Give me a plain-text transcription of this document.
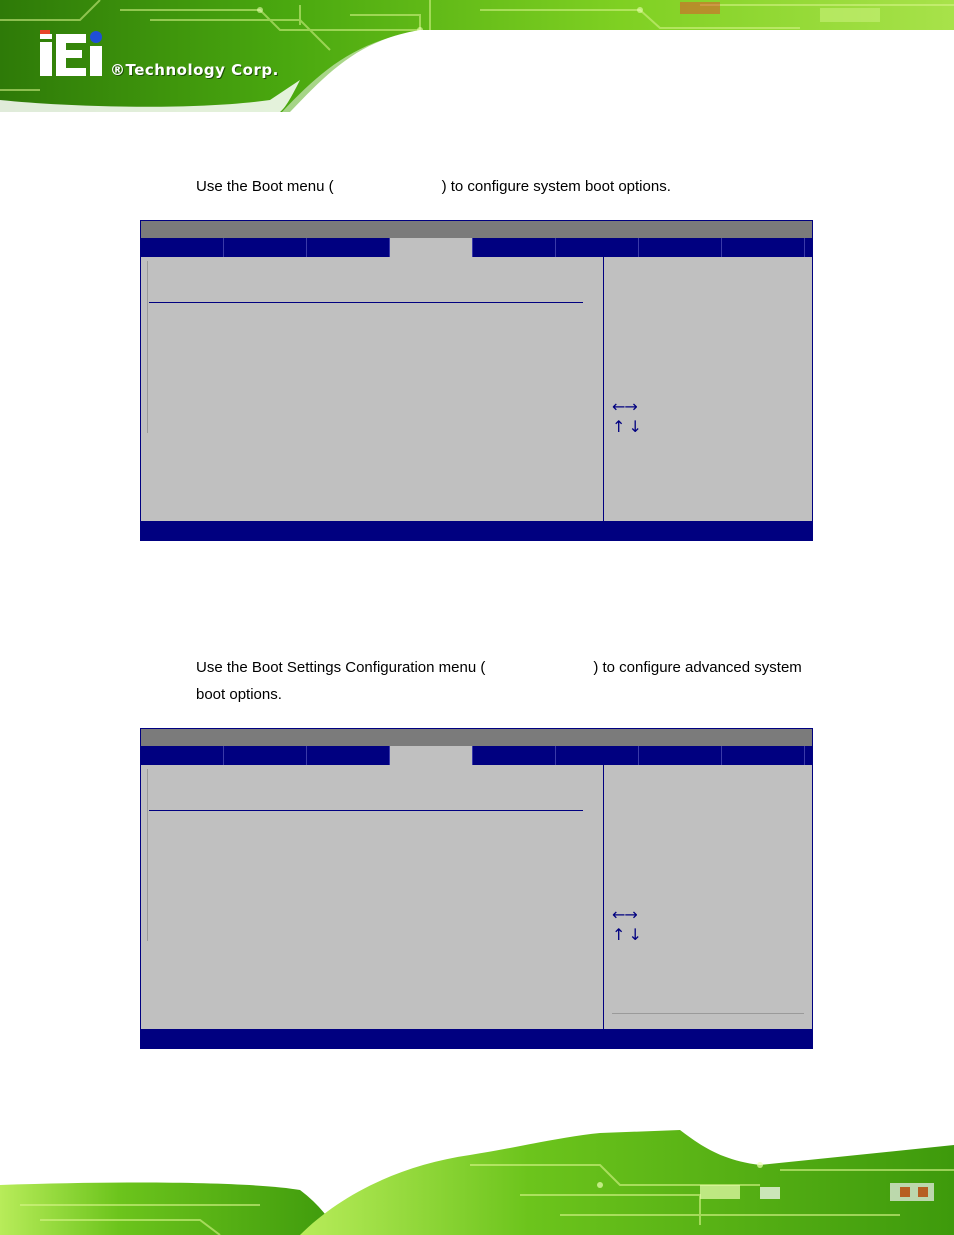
®Technology Corp.
Use the Boot menu (	) to configure system boot options.
←→
↑ ↓
Use the Boot Settings Configuration menu (	) to configure advanced system
boot options.
←→
↑ ↓
